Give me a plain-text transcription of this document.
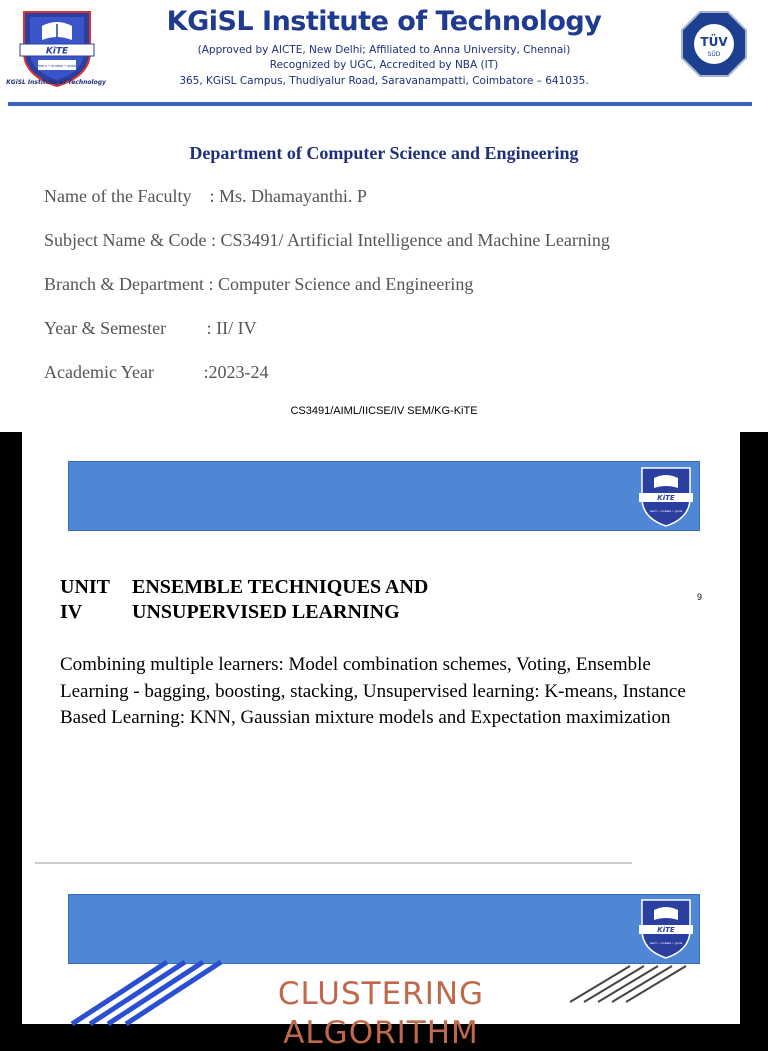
KiTE
learn • enable • grow
KGiSL Institute of Technology
KGiSL Institute of Technology
(Approved by AICTE, New Delhi; Affiliated to Anna University, Chennai)
Recognized by UGC, Accredited by NBA (IT)
365, KGiSL Campus, Thudiyalur Road, Saravanampatti, Coimbatore – 641035.
TÜV
SÜD
Department of Computer Science and Engineering
Name of the Faculty    : Ms. Dhamayanthi. P
Subject Name & Code : CS3491/ Artificial Intelligence and Machine Learning
Branch & Department : Computer Science and Engineering
Year & Semester         : II/ IV
Academic Year           :2023-24
CS3491/AIML/IICSE/IV SEM/KG-KiTE
KiTE
learn • enable • grow
UNIT
IV
ENSEMBLE TECHNIQUES AND
UNSUPERVISED LEARNING
9
Combining multiple learners: Model combination schemes, Voting, Ensemble Learning - bagging, boosting, stacking, Unsupervised learning: K-means, Instance Based Learning: KNN, Gaussian mixture models and Expectation maximization
KiTE
learn • enable • grow
CLUSTERING
ALGORITHM
